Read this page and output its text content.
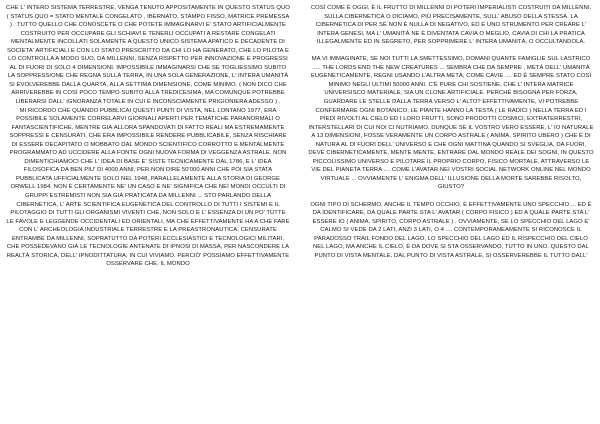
CHE L' INTERO SISTEMA TERRESTRE, VENGA TENUTO APPOSITAMENTE IN QUESTO STATUS QUO ( STATUS QUO = STATO MENTALE CONGELATO , IBERNATO, STAMPO FISSO, MATRICE PREMESSA ) . TUTTO QUELLO CHE CONOSCETE O CHE POTETE IMMAGINARVI E' STATO ARTIFICIALMENTE COSTRUITO PER OCCUPARE GLI SCHIAVI E TENERLI OCCUPATI A RESTARE CONGELATI MENTALMENTE INCOLLATI SOLAMENTE A QUESTO UNICO SISTEMA APATICO E DECADENTE DI SOCIETA' ARTIFICIALI E CON LO STATO PRESCRITTO DA CHI LO HA GENERATO, CHE LO PILOTA E LO CONTROLLA A MODO SUO, DA MILLENNI, SENZA RISPETTO PER INNOVAZIONE E PROGRESSI AL DI FUORI DI SOLO 4 DIMENSIONI. IMPOSSIBILE IMMAGINARSI CHE SE TOGLIESSIMO SUBITO LA SOPPRESSIONE CHE REGNA SULLA TERRA, IN UNA SOLA GENERAZIONE, L' INTERA UMANITÀ SI EVOLVEREBBE DALLA QUARTA, ALLA SETTIMA DIMENSIONE, COME MINIMO. ( NON DICO CHE ARRIVEREBBE IN COSÌ POCO TEMPO SUBITO ALLA TREDICESIMA, MA COMUNQUE POTREBBE LIBERARSI DALL' IGNORANZA TOTALE IN CUI È INCONSCIAMENTE PRIGIONIERA ADESSO ) .

MI RICORDO CHE QUANDO PUBBLICAI QUESTI PUNTI DI VISTA, NEL LONTANO 1977, ERA POSSIBILE SOLAMENTE CORRELARVI GIORNALI APERTI PER TEMATICHE PARANORMALI O FANTASCIENTIFICHE, MENTRE GIÀ ALLORA SPANDOVATI DI FATTO REALI MA ESTREMAMENTE SOPPRESSI E CENSURATI, CHE ERA IMPOSSIBILE RENDERE PUBBLICABILE, SENZA RISCHIARE DI ESSERE DECAPITATO O MOBBATO DAL MONDO SCIENTIFICO CORROTTO E MENTALMENTE PROGRAMMATO AD UCCIDERE ALLA FONTE OGNI NUOVA FORMA DI VEGGENZA ASTRALE. NON DIMENTICHIAMOCI CHE L' IDEA DI BASE E' SISTE TECNICAMENTE DAL 1786, E L' IDEA FILOSOFICA DA BEN PIU' DI 4000 ANNI, PER NON DIRE 50'000 ANNI CHE POI SIA STATA PUBBLICATA UFFICIALMENTE SOLO NEL 1948, PARALLELAMENTE ALLA STORIA DI GEORGE ORWELL 1984. NON È CERTAMENTE NE' UN CASO E NE' SIGNIFICA CHE NEI MONDI OCCULTI DI GRUPPI ESTREMISTI NON SIA GIÀ PRATICATA DA MILLENNI ... STO PARLANDO DELLA CIBERNETICA, L' ARTE SCIENTIFICA EUGENETICA DEL CONTROLLO DI TUTTI I SISTEMI E IL PILOTAGGIO DI TUTTI GLI ORGANISMI VIVENTI CHE, NON SOLO E L' ESSENZA DI UN PO' TUTTE LE FAVOLE E LEGGENDE OCCIDENTALI ED ORIENTALI, MA CHE EFFETTIVAMENTE HA A CHE FARE CON L' ARCHEOLOGIA INDUSTRIALE TERRESTRE E LA PREASTRONAUTICA, CENSURATE ENTRAMBE DA MILLENNI, SOPRATUTTO DA POTERI ECCLESIASTICI E TECNOLOGICI MILITARI, CHE POSSEDEVANO GIÀ LE TECNOLOGIE ANTENATE DI IPNOSI DI MASSA, PER NASCONDERE LA REALTÀ STORICA, DELL' IPNODITTATURA, IN CUI VIVIAMO. PERCIÒ' POSSIAMO EFFETTIVAMENTE OSSERVARE CHE, IL MONDO

COSÌ COME È OGGI, È IL FRUTTO DI MILLENNI DI POTERI IMPERIALISTI COSTRUITI DA MILLENNI, SULLA CIBERNETICA O DICIAMO, PIÙ PRECISAMENTE, SULL' ABUSO DELLA STESSA. LA CIBERNETICA DI PER SÉ NON È NULLA DI NEGATIVO, ED È UNO STRUMENTO PER CREARE L' INTERA GENESI, MA L' UMANITÀ NE È DIVENTATA CAVIA O MEGLIO, CAVIA DI CHI LA PRATICA ILLEGALMENTE ED IN SEGRETO, PER SOPPRIMERE L' INTERA UMANITÀ, O OCCULTANDOLA.

MA VI IMMAGINATE, SE NOI TUTTI LA SMETTESSIMO, DOMANI QUANTE FAMIGLIE SUL LASTRICO ..... THE LORDS END THE NEW CREATURES ... SEMBRA CHE DA SEMPRE , METÀ DELL' UMANITÀ EUGENETICAMENTE, REGNI USANDO L'ALTRA METÀ, COME CAVIE .... ED È SEMPRE STATO COSÌ MINIMO NEGLI ULTIMI 50000 ANNI. C'È PURE CHI SOSTIENE, CHE L' INTERA MATRICE UNIVERSISCO MATERIALE, SIA UN CLONE ARTIFICIALE. PERCHÉ BISOGNA PER FORZA, GUARDARE LE STELLE DALLA TERRA VERSO L' ALTO? EFFETTIVAMENTE, VI POTREBBE CONFERMARE OGNI BOTANICO, LE PIANTE HANNO LA TESTA ( LE RADICI ) NELLA TERRA ED I PIEDI RIVOLTI AL CIELO ED I LORO FRUTTI, SONO PRODOTTI COSMICI, EXTRATERRESTRI, INTERSTELLARI DI CUI NOI CI NUTRIAMO. DUNQUE SE IL VOSTRO VERO ESSERE, L' IO NATURALE A 13 DIMENSIONI, FOSSE VERAMENTE UN CORPO ASTRALE ( ANIMA, SPIRITO UBERO ) CHE È DI NATURA AL DI FUORI DELL' UNIVERSO E CHE OGNI MATTINA QUANDO SI SVEGLIA, DA FUORI, DEVE CIBERNETICAMENTE, MENTE MENTE, ENTRARE DAL MONDO REALE DEI SOGNI, IN QUESTO PICCOLISSIMO UNIVERSO E PILOTARE IL PROPRIO CORPO, FISICO MORTALE, ATTRAVERSO LE VIE DEL PIANETA TERRA .... COME L'AVATAR NEI VOSTRI SOCIAL NETWORK ONLINE NEL MONDO VIRTUALE ... OVVIAMENTE L' ENIGMA DELL' ILLUSIONE DELLA MORTE SAREBBE RISOLTO, GIUSTO?

OGNI TIPO DI SCHERMO, ANCHE IL TEMPO OCCHIO, È EFFETTIVAMENTE UNO SPECCHIO ... ED È DA IDENTIFICARE, DA QUALE PARTE STA L' AVATAR ( CORPO FISICO ) ED A QUALE PARTE STA L' ESSERE IO ( ANIMA, SPIRITO, CORPO ASTRALE ) . OVVIAMENTE, SE LO SPECCHIO DEL LAGO E' CALMO SI VEDE DA 2 LATI, ANZI 3 LATI, O 4 .... CONTEMPORANEAMENTE SI RICONOSCE IL PARADOSSO TRAIL FONDO DEL LAGO, LO SPECCHIO DEL LAGO ED IL RISPECCHIO DEL CIELO NEL LAGO, MA ANCHE IL CIELO, È DA DOVE SI STA OSSERVANDO, TUTTO IN UNO. QUESTO DAL PUNTO DI VISTA MENTALE, DAL PUNTO DI VISTA ASTRALE, SI OSSERVEREBBE IL TUTTO DALL'
